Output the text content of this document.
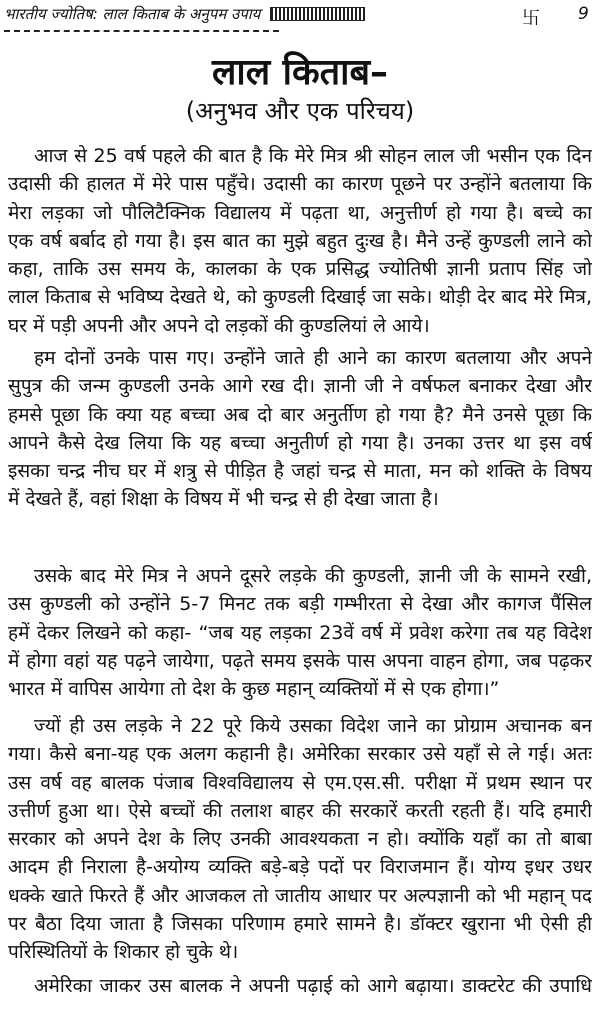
भारतीय ज्योतिष: लाल किताब के अनुपम उपाय	卐 9
लाल किताब–
(अनुभव और एक परिचय)
आज से 25 वर्ष पहले की बात है कि मेरे मित्र श्री सोहन लाल जी भसीन एक दिन
उदासी की हालत में मेरे पास पहुँचे। उदासी का कारण पूछने पर उन्होंने बतलाया कि
मेरा लड़का जो पौलिटैक्निक विद्यालय में पढ़ता था, अनुत्तीर्ण हो गया है। बच्चे का
एक वर्ष बर्बाद हो गया है। इस बात का मुझे बहुत दुःख है। मैने उन्हें कुण्डली लाने को
कहा, ताकि उस समय के, कालका के एक प्रसिद्ध ज्योतिषी ज्ञानी प्रताप सिंह जो
लाल किताब से भविष्य देखते थे, को कुण्डली दिखाई जा सके। थोड़ी देर बाद मेरे मित्र,
घर में पड़ी अपनी और अपने दो लड़कों की कुण्डलियां ले आये।
हम दोनों उनके पास गए। उन्होंने जाते ही आने का कारण बतलाया और अपने
सुपुत्र की जन्म कुण्डली उनके आगे रख दी। ज्ञानी जी ने वर्षफल बनाकर देखा और
हमसे पूछा कि क्या यह बच्चा अब दो बार अनुर्तीण हो गया है? मैने उनसे पूछा कि
आपने कैसे देख लिया कि यह बच्चा अनुतीर्ण हो गया है। उनका उत्तर था इस वर्ष
इसका चन्द्र नीच घर में शत्रु से पीड़ित है जहां चन्द्र से माता, मन को शक्ति के विषय
में देखते हैं, वहां शिक्षा के विषय में भी चन्द्र से ही देखा जाता है।
उसके बाद मेरे मित्र ने अपने दूसरे लड़के की कुण्डली, ज्ञानी जी के सामने रखी,
उस कुण्डली को उन्होंने 5-7 मिनट तक बड़ी गम्भीरता से देखा और कागज पैंसिल
हमें देकर लिखने को कहा- “जब यह लड़का 23वें वर्ष में प्रवेश करेगा तब यह विदेश
में होगा वहां यह पढ़ने जायेगा, पढ़ते समय इसके पास अपना वाहन होगा, जब पढ़कर
भारत में वापिस आयेगा तो देश के कुछ महान् व्यक्तियों में से एक होगा।”
ज्यों ही उस लड़के ने 22 पूरे किये उसका विदेश जाने का प्रोग्राम अचानक बन
गया। कैसे बना-यह एक अलग कहानी है। अमेरिका सरकार उसे यहाँ से ले गई। अतः
उस वर्ष वह बालक पंजाब विश्वविद्यालय से एम.एस.सी. परीक्षा में प्रथम स्थान पर
उत्तीर्ण हुआ था। ऐसे बच्चों की तलाश बाहर की सरकारें करती रहती हैं। यदि हमारी
सरकार को अपने देश के लिए उनकी आवश्यकता न हो। क्योंकि यहाँ का तो बाबा
आदम ही निराला है-अयोग्य व्यक्ति बड़े-बड़े पदों पर विराजमान हैं। योग्य इधर उधर
धक्के खाते फिरते हैं और आजकल तो जातीय आधार पर अल्पज्ञानी को भी महान् पद
पर बैठा दिया जाता है जिसका परिणाम हमारे सामने है। डॉक्टर खुराना भी ऐसी ही
परिस्थितियों के शिकार हो चुके थे।
अमेरिका जाकर उस बालक ने अपनी पढ़ाई को आगे बढ़ाया। डाक्टरेट की उपाधि
